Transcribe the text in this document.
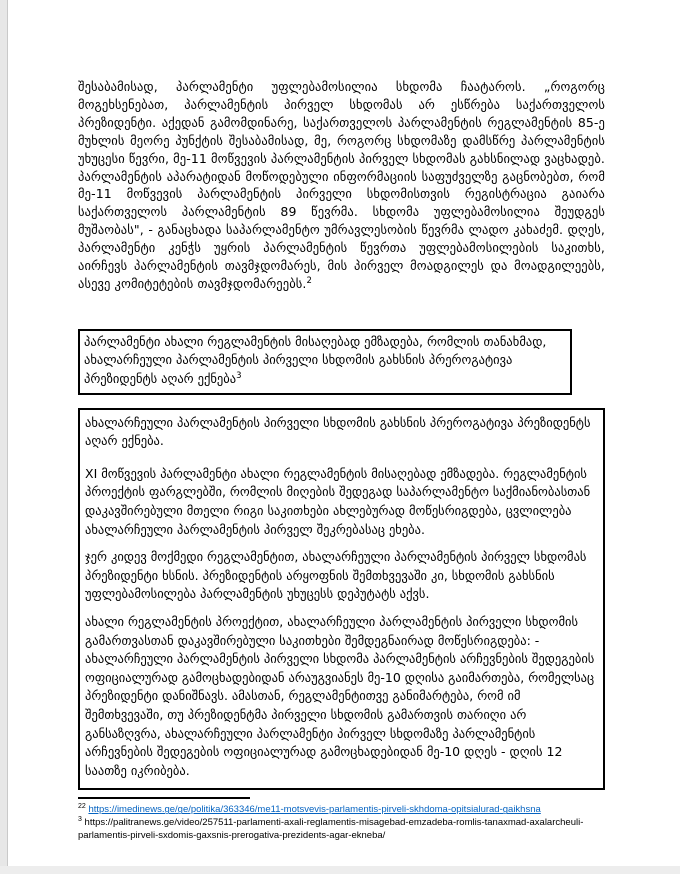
შესაბამისად, პარლამენტი უფლებამოსილია სხდომა ჩაატაროს. „როგორც მოგეხსენებათ, პარლამენტის პირველ სხდომას არ ესწრება საქართველოს პრეზიდენტი. აქედან გამომდინარე, საქართველოს პარლამენტის რეგლამენტის 85-ე მუხლის მეორე პუნქტის შესაბამისად, მე, როგორც სხდომაზე დამსწრე პარლამენტის უხუცესი წევრი, მე-11 მოწვევის პარლამენტის პირველ სხდომას გახსნილად ვაცხადებ. პარლამენტის აპარატიდან მოწოდებული ინფორმაციის საფუძველზე გაცნობებთ, რომ მე-11 მოწვევის პარლამენტის პირველი სხდომისთვის რეგისტრაცია გაიარა საქართველოს პარლამენტის 89 წევრმა. სხდომა უფლებამოსილია შეუდგეს მუშაობას", - განაცხადა საპარლამენტო უმრავლესობის წევრმა ლადო კახაძემ. დღეს, პარლამენტი კენჭს უყრის პარლამენტის წევრთა უფლებამოსილების საკითხს, აირჩევს პარლამენტის თავმჯდომარეს, მის პირველ მოადგილეს და მოადგილეებს, ასევე კომიტეტების თავმჯდომარეებს.$^2$

პარლამენტი ახალი რეგლამენტის მისაღებად ემზადება, რომლის თანახმად, ახალარჩეული პარლამენტის პირველი სხდომის გახსნის პრეროგატივა პრეზიდენტს აღარ ექნება$^3$

ახალარჩეული პარლამენტის პირველი სხდომის გახსნის პრეროგატივა პრეზიდენტს აღარ ექნება.

XI მოწვევის პარლამენტი ახალი რეგლამენტის მისაღებად ემზადება. რეგლამენტის პროექტის ფარგლებში, რომლის მიღების შედეგად საპარლამენტო საქმიანობასთან დაკავშირებული მთელი რიგი საკითხები ახლებურად მოწესრიგდება, ცვლილება ახალარჩეული პარლამენტის პირველ შეკრებასაც ეხება.

ჯერ კიდევ მოქმედი რეგლამენტით, ახალარჩეული პარლამენტის პირველ სხდომას პრეზიდენტი ხსნის. პრეზიდენტის არყოფნის შემთხვევაში კი, სხდომის გახსნის უფლებამოსილება პარლამენტის უხუცესს დეპუტატს აქვს.

ახალი რეგლამენტის პროექტით, ახალარჩეული პარლამენტის პირველი სხდომის გამართვასთან დაკავშირებული საკითხები შემდეგნაირად მოწესრიგდება: - ახალარჩეული პარლამენტის პირველი სხდომა პარლამენტის არჩევნების შედეგების ოფიციალურად გამოცხადებიდან არაუგვიანეს მე-10 დღისა გაიმართება, რომელსაც პრეზიდენტი დანიშნავს. ამასთან, რეგლამენტითვე განიმარტება, რომ იმ შემთხვევაში, თუ პრეზიდენტმა პირველი სხდომის გამართვის თარიღი არ განსაზღვრა, ახალარჩეული პარლამენტი პირველ სხდომაზე პარლამენტის არჩევნების შედეგების ოფიციალურად გამოცხადებიდან მე-10 დღეს - დღის 12 საათზე იკრიბება.

$^{22}$ https://imedinews.ge/ge/politika/363346/me11-motsvevis-parlamentis-pirveli-skhdoma-opitsialurad-gaikhsna

$^3$ https://palitranews.ge/video/257511-parlamenti-axali-reglamentis-misagebad-emzadeba-romlis-tanaxmad-axalarcheuli-parlamentis-pirveli-sxdomis-gaxsnis-prerogativa-prezidents-agar-ekneba/
